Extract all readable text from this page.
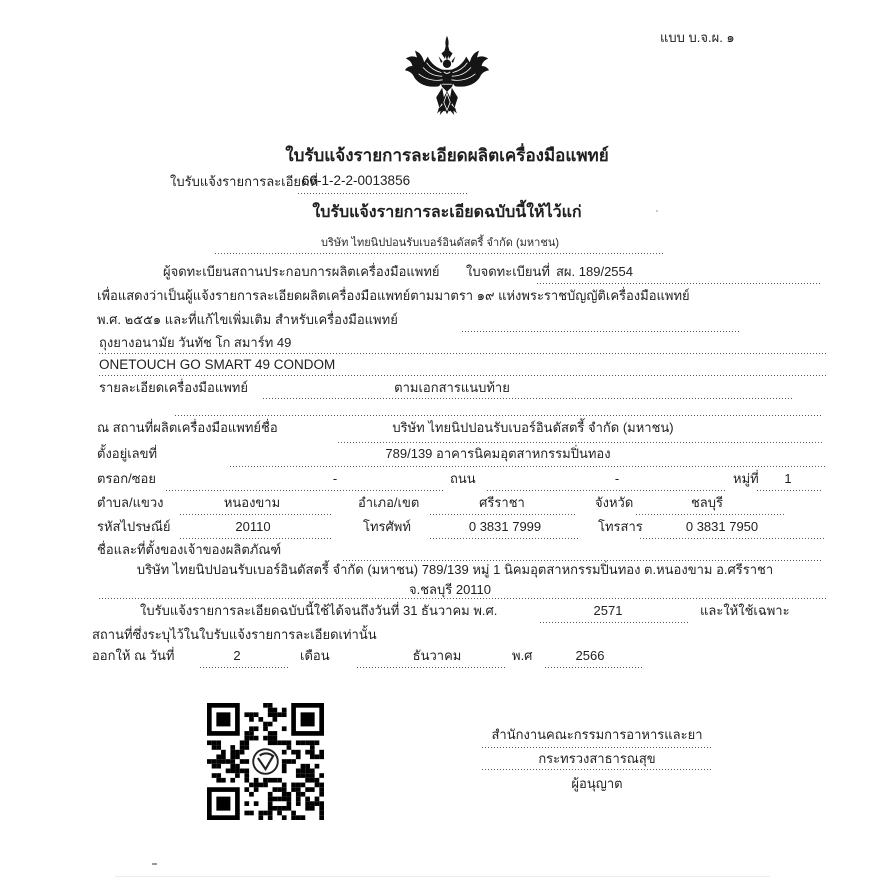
แบบ บ.จ.ผ. ๑
ใบรับแจ้งรายการละเอียดผลิตเครื่องมือแพทย์
ใบรับแจ้งรายการละเอียดที่
66-1-2-2-0013856
ใบรับแจ้งรายการละเอียดฉบับนี้ให้ไว้แก่
บริษัท ไทยนิปปอนรับเบอร์อินดัสตรี้ จำกัด (มหาชน)
ผู้จดทะเบียนสถานประกอบการผลิตเครื่องมือแพทย์ ใบจดทะเบียนที่ สผ. 189/2554
เพื่อแสดงว่าเป็นผู้แจ้งรายการละเอียดผลิตเครื่องมือแพทย์ตามมาตรา ๑๙ แห่งพระราชบัญญัติเครื่องมือแพทย์
พ.ศ. ๒๕๕๑ และที่แก้ไขเพิ่มเติม สำหรับเครื่องมือแพทย์
ถุงยางอนามัย วันทัช โก สมาร์ท 49
ONETOUCH GO SMART 49 CONDOM
รายละเอียดเครื่องมือแพทย์	ตามเอกสารแนบท้าย
ณ สถานที่ผลิตเครื่องมือแพทย์ชื่อ	บริษัท ไทยนิปปอนรับเบอร์อินดัสตรี้ จำกัด (มหาชน)
ตั้งอยู่เลขที่	789/139 อาคารนิคมอุตสาหกรรมปิ่นทอง
ตรอก/ซอย	-	ถนน	-	หมู่ที่ 1
ตำบล/แขวง	หนองขาม	อำเภอ/เขต	ศรีราชา	จังหวัด	ชลบุรี
รหัสไปรษณีย์	20110	โทรศัพท์	0 3831 7999	โทรสาร	0 3831 7950
ชื่อและที่ตั้งของเจ้าของผลิตภัณฑ์
บริษัท ไทยนิปปอนรับเบอร์อินดัสตรี้ จำกัด (มหาชน) 789/139 หมู่ 1 นิคมอุตสาหกรรมปิ่นทอง ต.หนองขาม อ.ศรีราชา
จ.ชลบุรี 20110
ใบรับแจ้งรายการละเอียดฉบับนี้ใช้ได้จนถึงวันที่ 31 ธันวาคม พ.ศ.	2571	และให้ใช้เฉพาะ
สถานที่ซึ่งระบุไว้ในใบรับแจ้งรายการละเอียดเท่านั้น
ออกให้ ณ วันที่	2	เดือน	ธันวาคม	พ.ศ	2566
สำนักงานคณะกรรมการอาหารและยา
กระทรวงสาธารณสุข
ผู้อนุญาต
